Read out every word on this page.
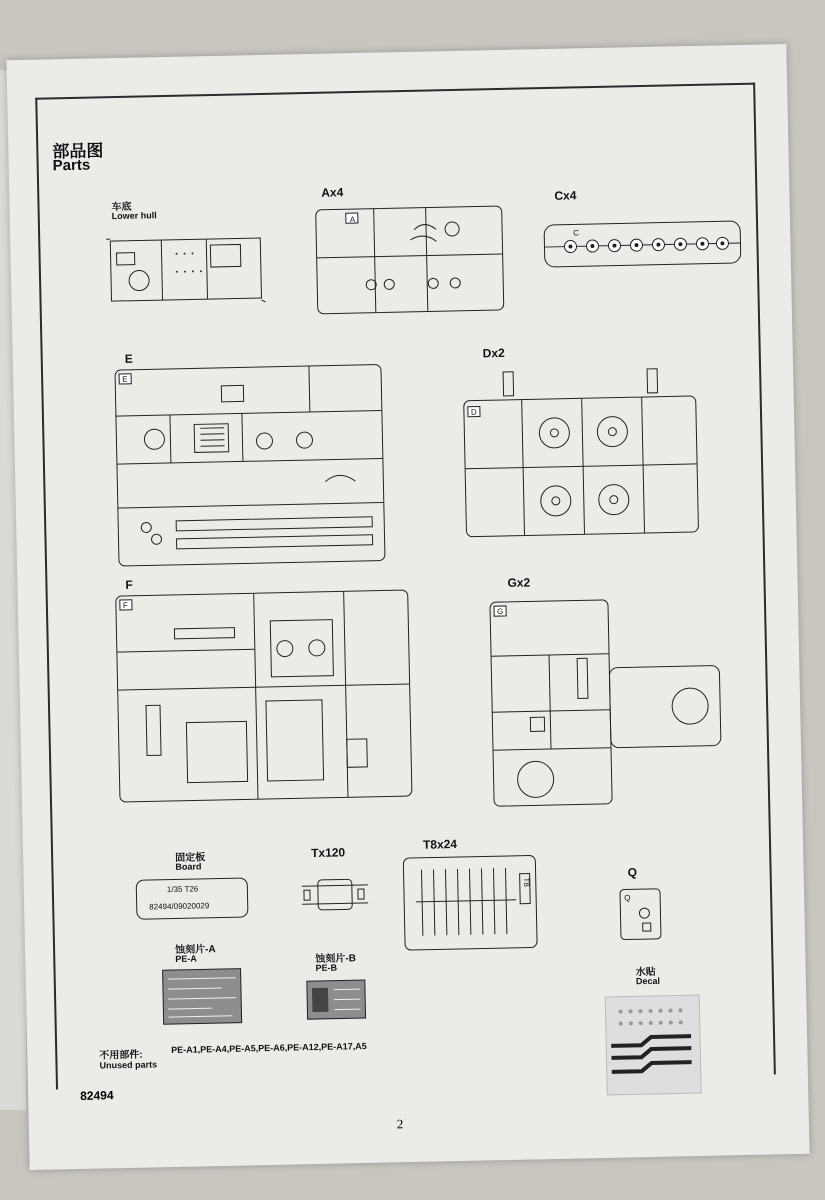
部品图
Parts
车底
Lower hull
Ax4
A
Cx4
C
E
E
Dx2
D
F
F
Gx2
G
固定板
Board
1/35 T26
82494/09020029
Tx120
T8x24
T8
Q
Q
蚀刻片-A
PE-A	蚀刻片-B
PE-B	水贴
Decal
不用部件:
PE-A1,PE-A4,PE-A5,PE-A6,PE-A12,PE-A17,A5
Unused parts
82494
2
